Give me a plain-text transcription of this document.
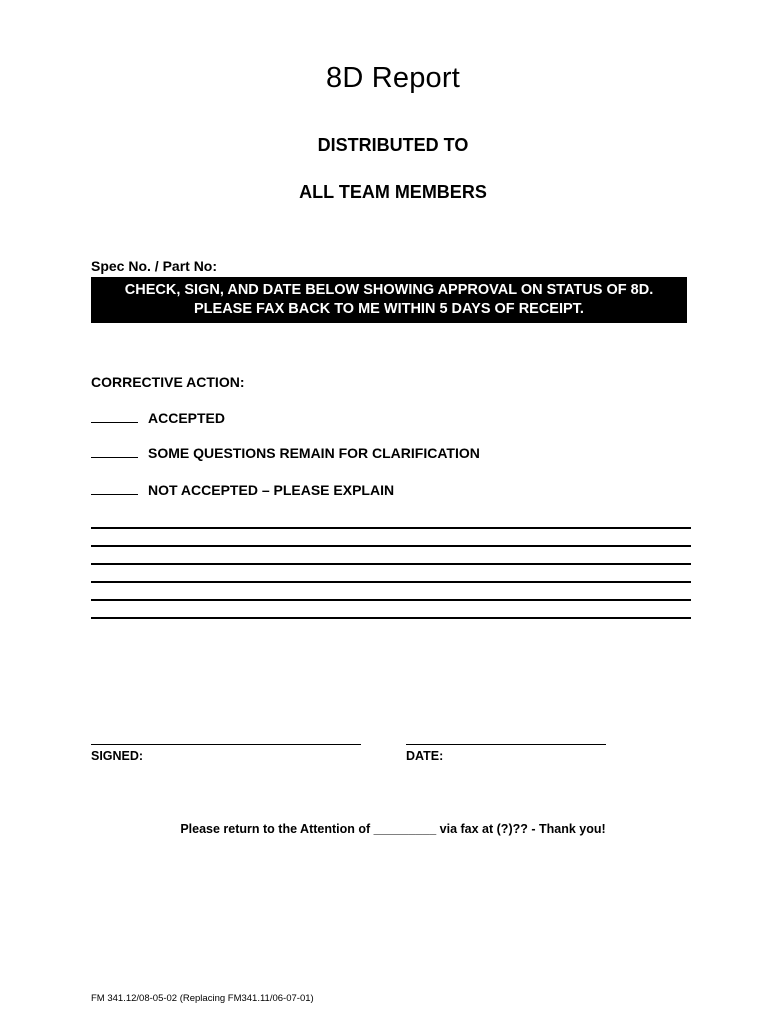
8D Report
DISTRIBUTED TO
ALL TEAM MEMBERS
Spec No. / Part No:
CHECK, SIGN, AND DATE BELOW SHOWING APPROVAL ON STATUS OF 8D.
PLEASE FAX BACK TO ME WITHIN 5 DAYS OF RECEIPT.
CORRECTIVE ACTION:
ACCEPTED
SOME QUESTIONS REMAIN FOR CLARIFICATION
NOT ACCEPTED – PLEASE EXPLAIN
SIGNED:	DATE:
Please return to the Attention of _________ via fax at (?)?? - Thank you!
FM 341.12/08-05-02 (Replacing FM341.11/06-07-01)
